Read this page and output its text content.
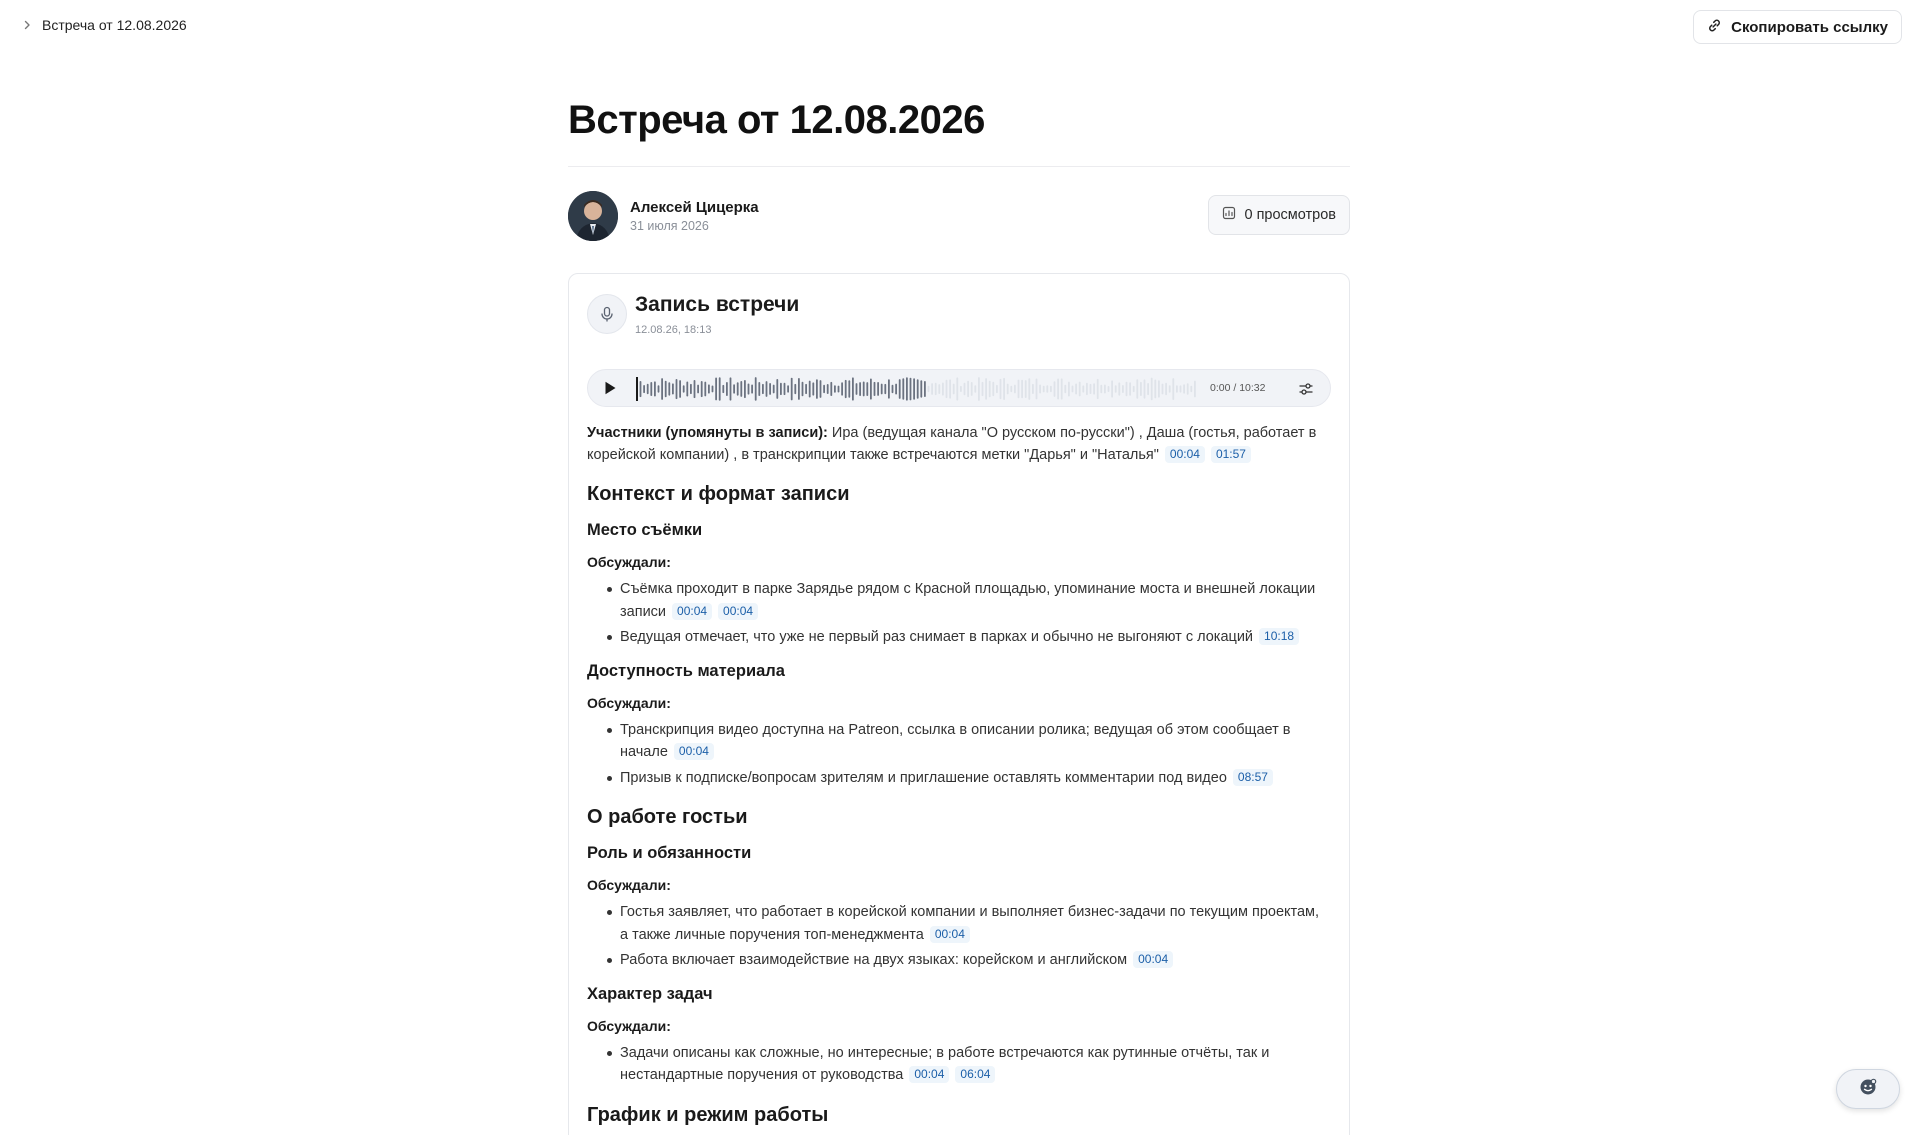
Встреча от 12.08.2026	Скопировать ссылку
Встреча от 12.08.2026
Алексей Цицерка
31 июля 2026
0 просмотров
Запись встречи
12.08.26, 18:13
0:00 / 10:32

Участники (упомянуты в записи): Ира (ведущая канала "О русском по-русски") , Даша (гостья, работает в корейской компании) , в транскрипции также встречаются метки "Дарья" и "Наталья" 00:04 01:57

Контекст и формат записи
Место съёмки
Обсуждали:
Съёмка проходит в парке Зарядье рядом с Красной площадью, упоминание моста и внешней локации записи 00:04 00:04
Ведущая отмечает, что уже не первый раз снимает в парках и обычно не выгоняют с локаций 10:18
Доступность материала
Обсуждали:
Транскрипция видео доступна на Patreon, ссылка в описании ролика; ведущая об этом сообщает в начале 00:04
Призыв к подписке/вопросам зрителям и приглашение оставлять комментарии под видео 08:57
О работе гостьи
Роль и обязанности
Обсуждали:
Гостья заявляет, что работает в корейской компании и выполняет бизнес-задачи по текущим проектам, а также личные поручения топ-менеджмента 00:04
Работа включает взаимодействие на двух языках: корейском и английском 00:04
Характер задач
Обсуждали:
Задачи описаны как сложные, но интересные; в работе встречаются как рутинные отчёты, так и нестандартные поручения от руководства 00:04 06:04
График и режим работы
